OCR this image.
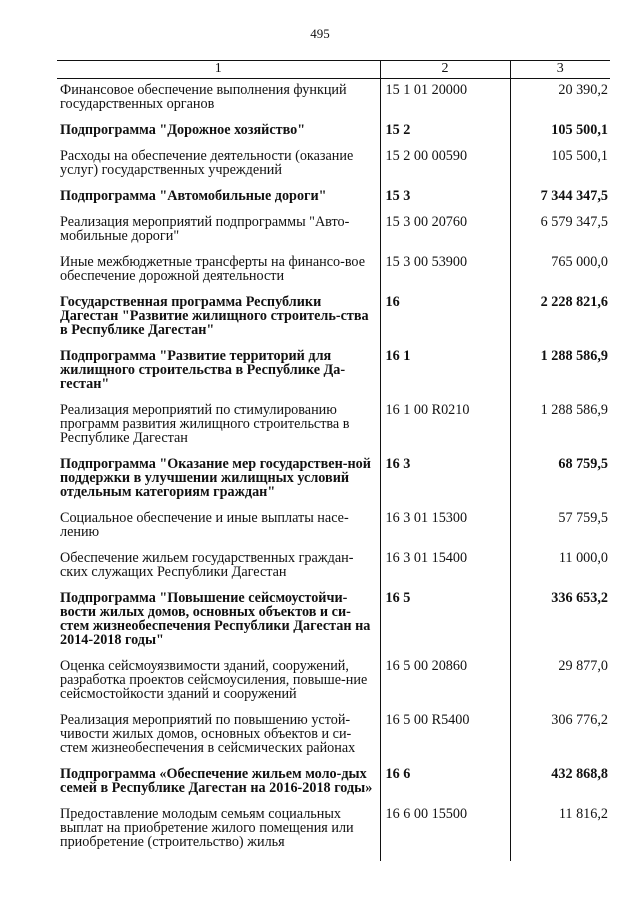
495
1	2	3
Финансовое обеспечение выполнения функций государственных органов	15 1 01 20000	20 390,2
Подпрограмма "Дорожное хозяйство"	15 2	105 500,1
Расходы на обеспечение деятельности (оказание услуг) государственных учреждений	15 2 00 00590	105 500,1
Подпрограмма "Автомобильные дороги"	15 3	7 344 347,5
Реализация мероприятий подпрограммы "Авто-мобильные дороги"	15 3 00 20760	6 579 347,5
Иные межбюджетные трансферты на финансо-вое обеспечение дорожной деятельности	15 3 00 53900	765 000,0
Государственная программа Республики Дагестан "Развитие жилищного строитель-ства в Республике Дагестан"	16	2 228 821,6
Подпрограмма "Развитие территорий для жилищного строительства в Республике Да-гестан"	16 1	1 288 586,9
Реализация мероприятий по стимулированию программ развития жилищного строительства в Республике Дагестан	16 1 00 R0210	1 288 586,9
Подпрограмма "Оказание мер государствен-ной поддержки в улучшении жилищных условий отдельным категориям граждан"	16 3	68 759,5
Социальное обеспечение и иные выплаты насе-лению	16 3 01 15300	57 759,5
Обеспечение жильем государственных граждан-ских служащих Республики Дагестан	16 3 01 15400	11 000,0
Подпрограмма "Повышение сейсмоустойчи-вости жилых домов, основных объектов и си-стем жизнеобеспечения Республики Дагестан на 2014-2018 годы"	16 5	336 653,2
Оценка сейсмоуязвимости зданий, сооружений, разработка проектов сейсмоусиления, повыше-ние сейсмостойкости зданий и сооружений	16 5 00 20860	29 877,0
Реализация мероприятий по повышению устой-чивости жилых домов, основных объектов и си-стем жизнеобеспечения в сейсмических районах	16 5 00 R5400	306 776,2
Подпрограмма «Обеспечение жильем моло-дых семей в Республике Дагестан на 2016-2018 годы»	16 6	432 868,8
Предоставление молодым семьям социальных выплат на приобретение жилого помещения или приобретение (строительство) жилья	16 6 00 15500	11 816,2
